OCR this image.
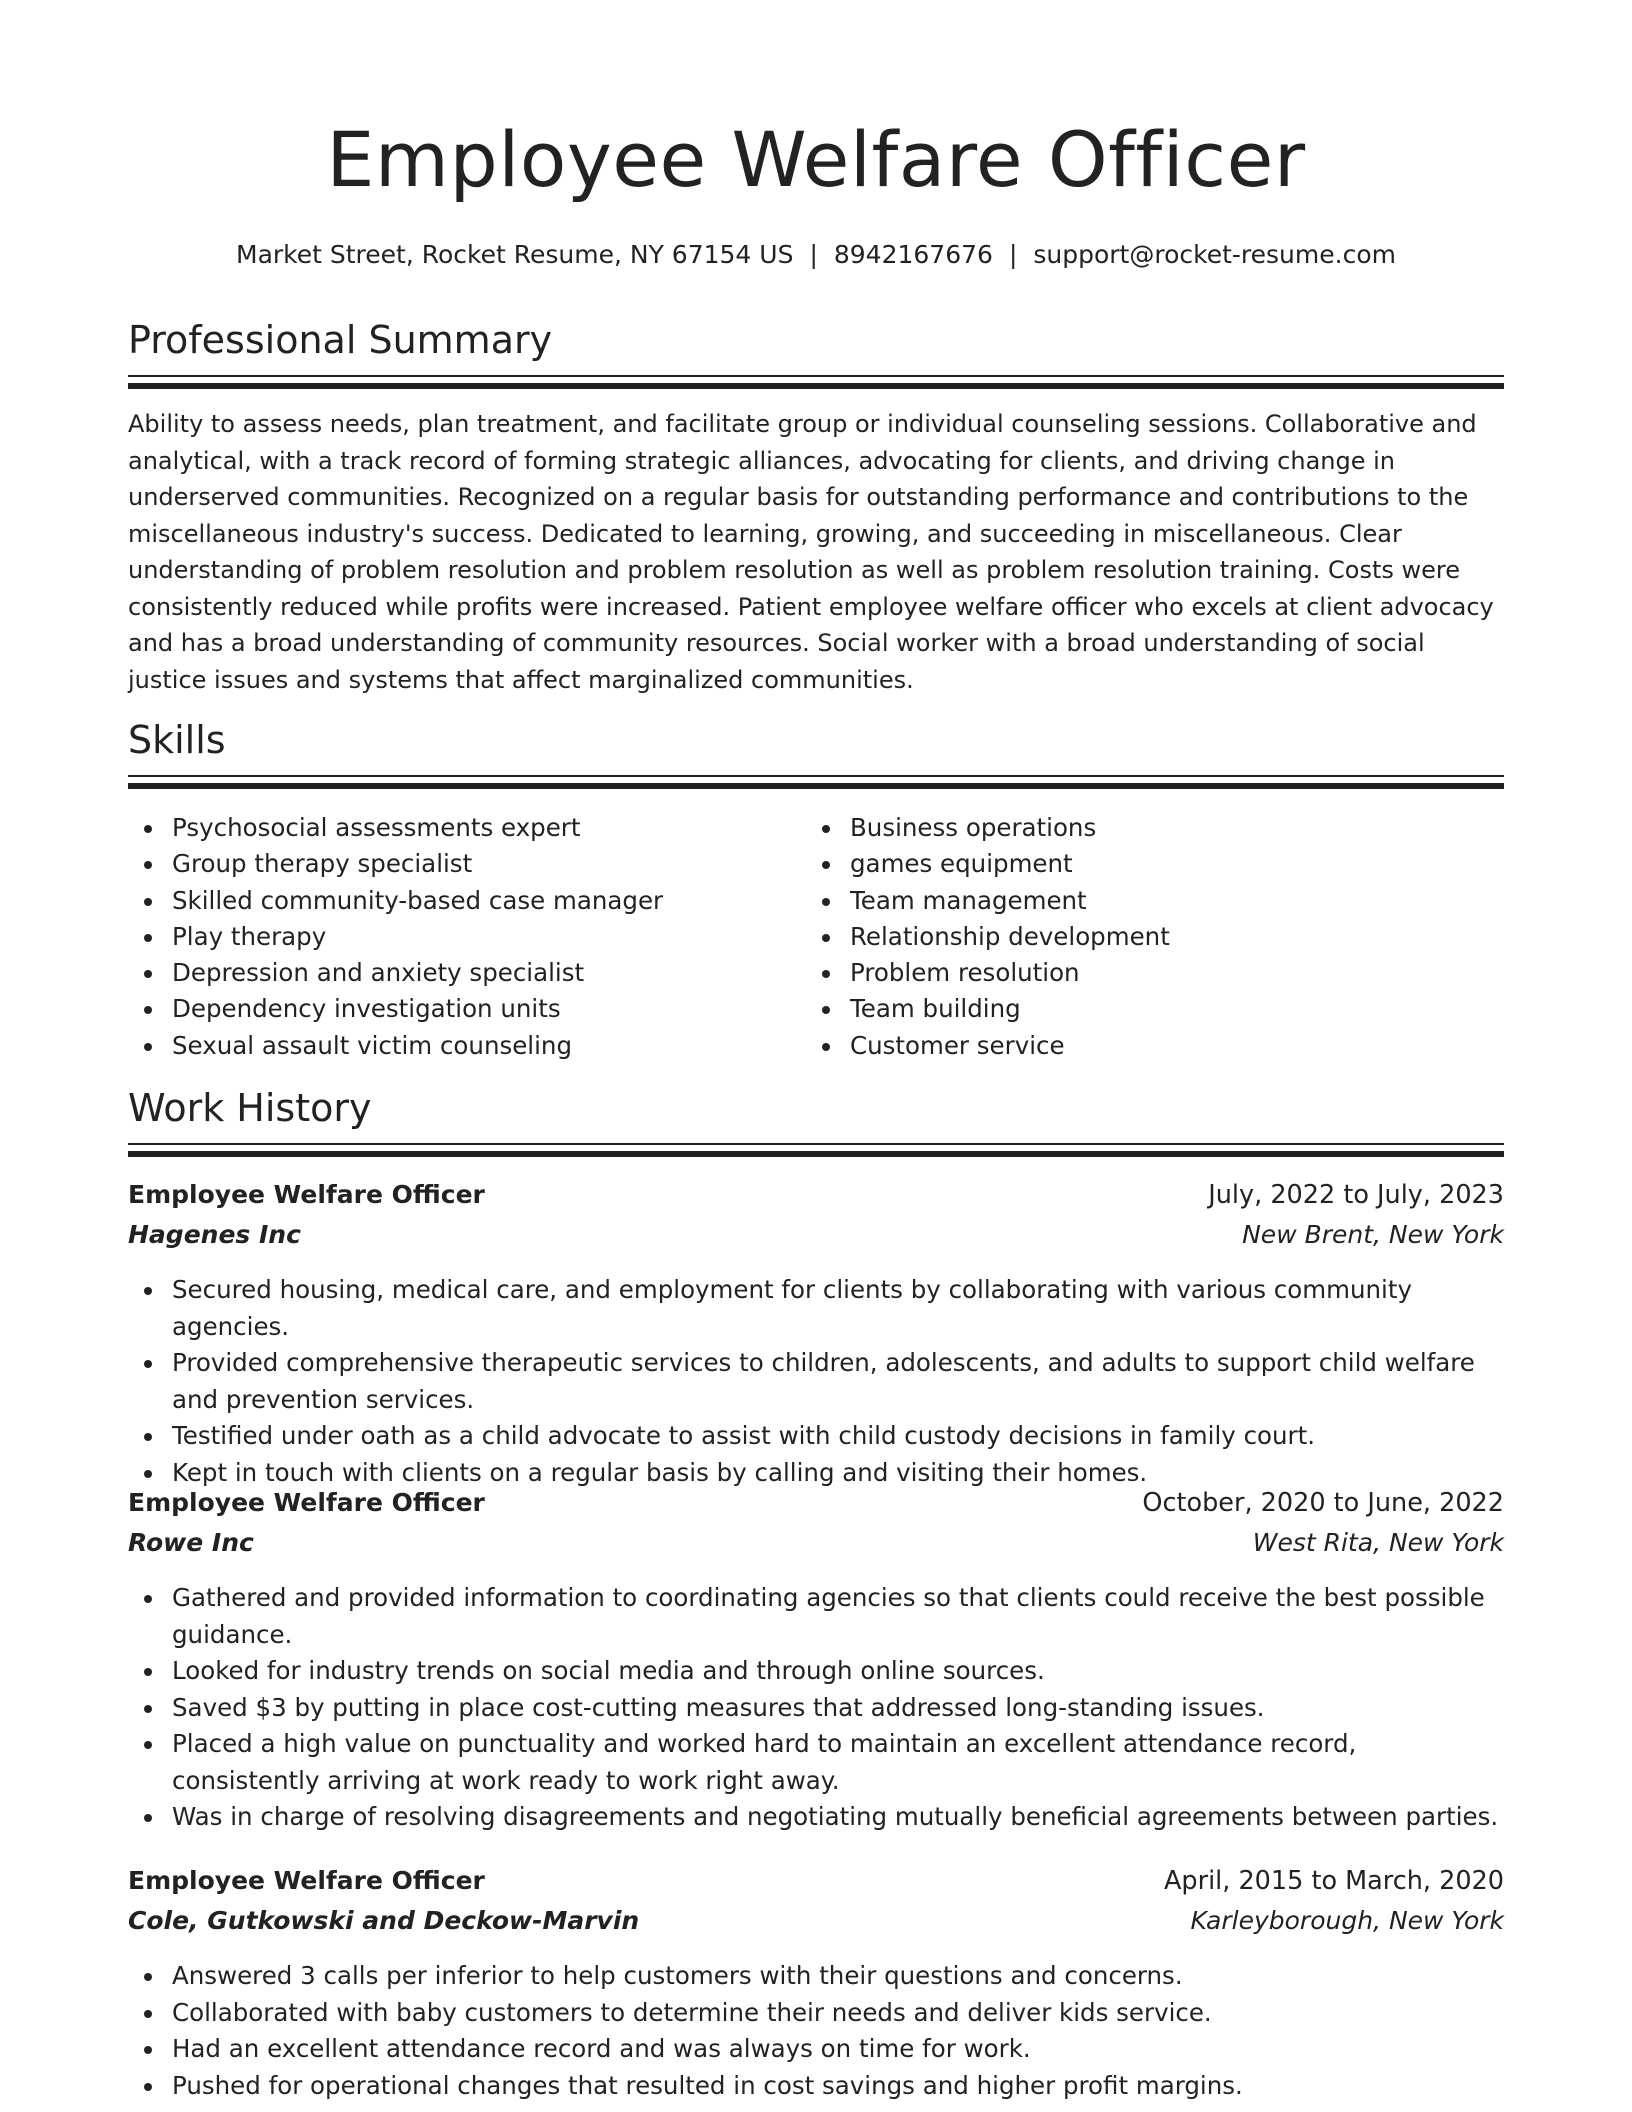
Employee Welfare Officer
Market Street, Rocket Resume, NY 67154 US | 8942167676 | support@rocket-resume.com
Professional Summary

Ability to assess needs, plan treatment, and facilitate group or individual counseling sessions. Collaborative and analytical, with a track record of forming strategic alliances, advocating for clients, and driving change in underserved communities. Recognized on a regular basis for outstanding performance and contributions to the miscellaneous industry's success. Dedicated to learning, growing, and succeeding in miscellaneous. Clear understanding of problem resolution and problem resolution as well as problem resolution training. Costs were consistently reduced while profits were increased. Patient employee welfare officer who excels at client advocacy and has a broad understanding of community resources. Social worker with a broad understanding of social justice issues and systems that affect marginalized communities.

Skills
Psychosocial assessments expert
Group therapy specialist
Skilled community-based case manager
Play therapy
Depression and anxiety specialist
Dependency investigation units
Sexual assault victim counseling
Business operations
games equipment
Team management
Relationship development
Problem resolution
Team building
Customer service
Work History
Employee Welfare Officer	July, 2022 to July, 2023
Hagenes Inc	New Brent, New York
Secured housing, medical care, and employment for clients by collaborating with various community agencies.
Provided comprehensive therapeutic services to children, adolescents, and adults to support child welfare and prevention services.
Testified under oath as a child advocate to assist with child custody decisions in family court.
Kept in touch with clients on a regular basis by calling and visiting their homes.
Employee Welfare Officer	October, 2020 to June, 2022
Rowe Inc	West Rita, New York
Gathered and provided information to coordinating agencies so that clients could receive the best possible guidance.
Looked for industry trends on social media and through online sources.
Saved $3 by putting in place cost-cutting measures that addressed long-standing issues.
Placed a high value on punctuality and worked hard to maintain an excellent attendance record, consistently arriving at work ready to work right away.
Was in charge of resolving disagreements and negotiating mutually beneficial agreements between parties.
Employee Welfare Officer	April, 2015 to March, 2020
Cole, Gutkowski and Deckow-Marvin	Karleyborough, New York
Answered 3 calls per inferior to help customers with their questions and concerns.
Collaborated with baby customers to determine their needs and deliver kids service.
Had an excellent attendance record and was always on time for work.
Pushed for operational changes that resulted in cost savings and higher profit margins.
